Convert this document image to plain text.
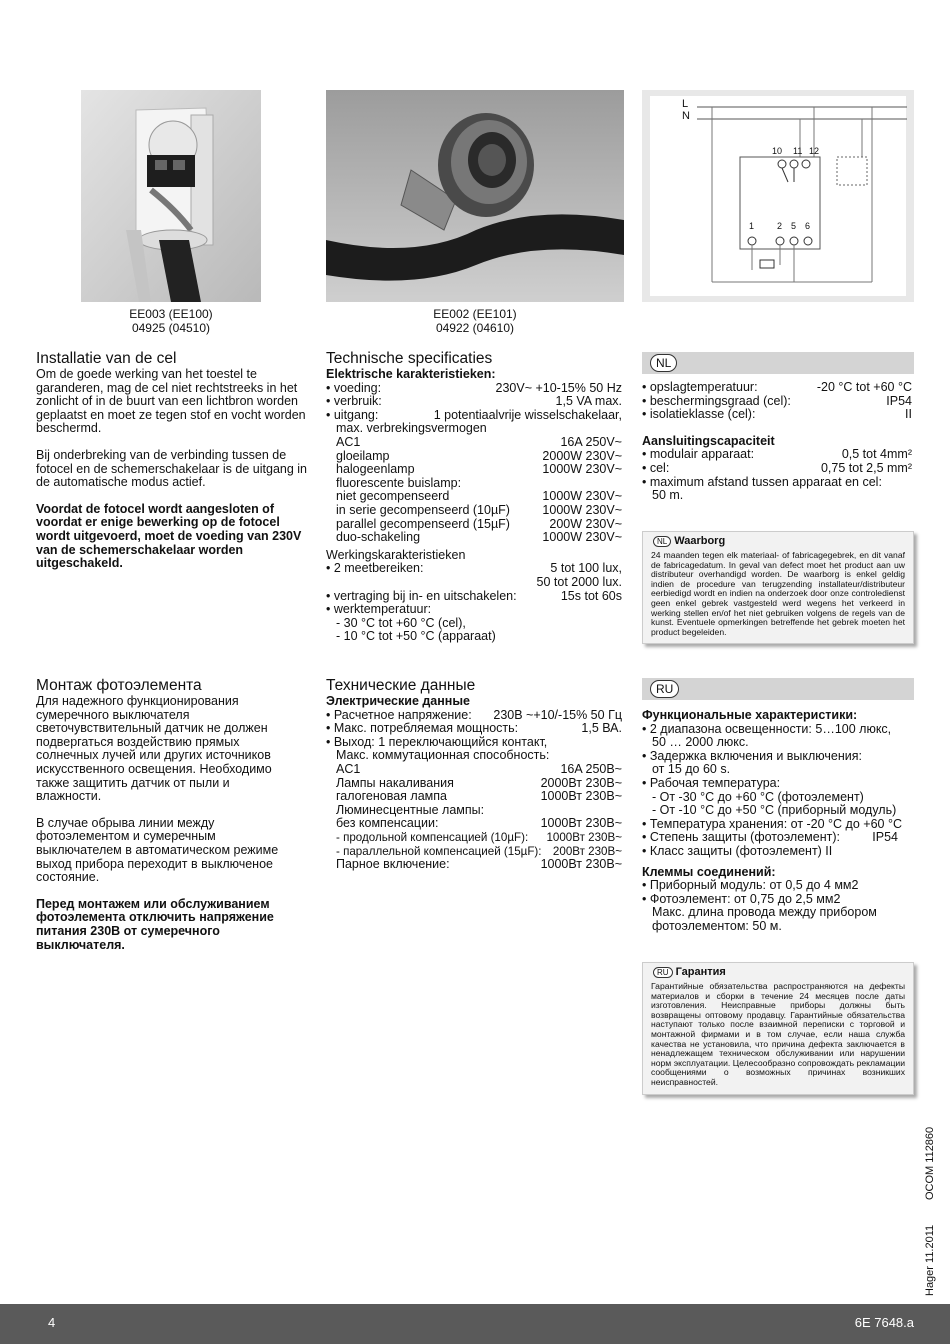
EE003 (EE100)
04925 (04510)
EE002 (EE101)
04922 (04610)
L
N
10 11 12
1	2 5 6
Installatie van de cel

Om de goede werking van het toestel te garanderen, mag de cel niet rechtstreeks in het zonlicht of in de buurt van een lichtbron worden geplaatst en moet ze tegen stof en vocht worden beschermd.

Bij onderbreking van de verbinding tussen de fotocel en de schemerschakelaar is de uitgang in de automatische modus actief.

Voordat de fotocel wordt aangesloten of voordat er enige bewerking op de fotocel wordt uitgevoerd, moet de voeding van 230V van de schemerschakelaar worden uitgeschakeld.

Technische specificaties

Elektrische karakteristieken:

• voeding:	230V~ +10-15% 50 Hz
• verbruik:	1,5 VA max.
• uitgang:	1 potentiaalvrije wisselschakelaar,
max. verbrekingsvermogen
AC1	16A 250V~
gloeilamp	2000W 230V~
halogeenlamp	1000W 230V~
fluorescente buislamp:
niet gecompenseerd	1000W 230V~
in serie gecompenseerd (10µF)	1000W 230V~
parallel gecompenseerd (15µF)	200W 230V~
duo-schakeling	1000W 230V~

Werkingskarakteristieken

• 2 meetbereiken:	5 tot 100 lux,
50 tot 2000 lux.
• vertraging bij in- en uitschakelen:	15s tot 60s
• werktemperatuur:
- 30 °C tot +60 °C (cel),
- 10 °C tot +50 °C (apparaat)
NL
• opslagtemperatuur:	-20 °C tot +60 °C
• beschermingsgraad (cel):	IP54
• isolatieklasse (cel):	II

Aansluitingscapaciteit

• modulair apparaat:	0,5 tot 4mm²
• cel:	0,75 tot 2,5 mm²
• maximum afstand tussen apparaat en cel:
50 m.
NL Waarborg
24 maanden tegen elk materiaal- of fabricagegebrek, en dit vanaf de fabricagedatum. In geval van defect moet het product aan uw distributeur overhandigd worden. De waarborg is enkel geldig indien de procedure van terugzending installateur/distributeur eerbiedigd wordt en indien na onderzoek door onze controledienst geen enkel gebrek vastgesteld werd wegens het verkeerd in werking stellen en/of het niet gebruiken volgens de regels van de kunst. Eventuele opmerkingen betreffende het gebrek moeten het product begeleiden.
Монтаж фотоэлемента

Для надежного функционирования сумеречного выключателя светочувствительный датчик не должен подвергаться воздействию прямых солнечных лучей или других источников искусственного освещения. Необходимо также защитить датчик от пыли и влажности.

В случае обрыва линии между фотоэлементом и сумеречным выключателем в автоматическом режиме выход прибора переходит в выключеное состояние.

Перед монтажем или обслуживанием фотоэлемента отключить напряжение питания 230В от сумеречного выключателя.

Технические данные

Электрические данные

• Расчетное напряжение: 230В ~+10/-15% 50 Гц
• Макс. потребляемая мощность:	1,5 ВА.
• Выход: 1 переключающийся контакт,
Макс. коммутационная способность:
AC1	16A 250В~
Лампы накаливания	2000Вт 230В~
галогеновая лампа	1000Вт 230В~
Люминесцентные лампы:
без компенсации:	1000Вт 230В~
- продольной компенсацией (10µF): 1000Вт 230В~
- параллельной компенсацией (15µF): 200Вт 230В~
Парное включение:	1000Вт 230В~
RU

Функциональные характеристики:

• 2 диапазона освещенности: 5…100 люкс,
50 … 2000 люкс.
• Задержка включения и выключения:
от 15 до 60 s.
• Рабочая температура:
- От -30 °C до +60 °C (фотоэлемент)
- От -10 °C до +50 °C (приборный модуль)
• Температура хранения: от -20 °C до +60 °C
• Степень защиты (фотоэлемент):	IP54
• Класс защиты (фотоэлемент) II

Клеммы соединений:

• Приборный модуль: от 0,5 до 4 мм2
• Фотоэлемент: от 0,75 до 2,5 мм2
Макс. длина провода между прибором
фотоэлементом: 50 м.
RU Гарантия
Гарантийные обязательства распространяются на дефекты материалов и сборки в течение 24 месяцев после даты изготовления. Неисправные приборы должны быть возвращены оптовому продавцу. Гарантийные обязательства наступают только после взаимной переписки с торговой и монтажной фирмами и в том случае, если наша служба качества не установила, что причина дефекта заключается в ненадлежащем техническом обслуживании или нарушении норм эксплуатации. Целесообразно сопровождать рекламации сообщениями о возможных причинах возникших неисправностей.
Hager 11.2011
OCOM 112860
4	6E 7648.a
